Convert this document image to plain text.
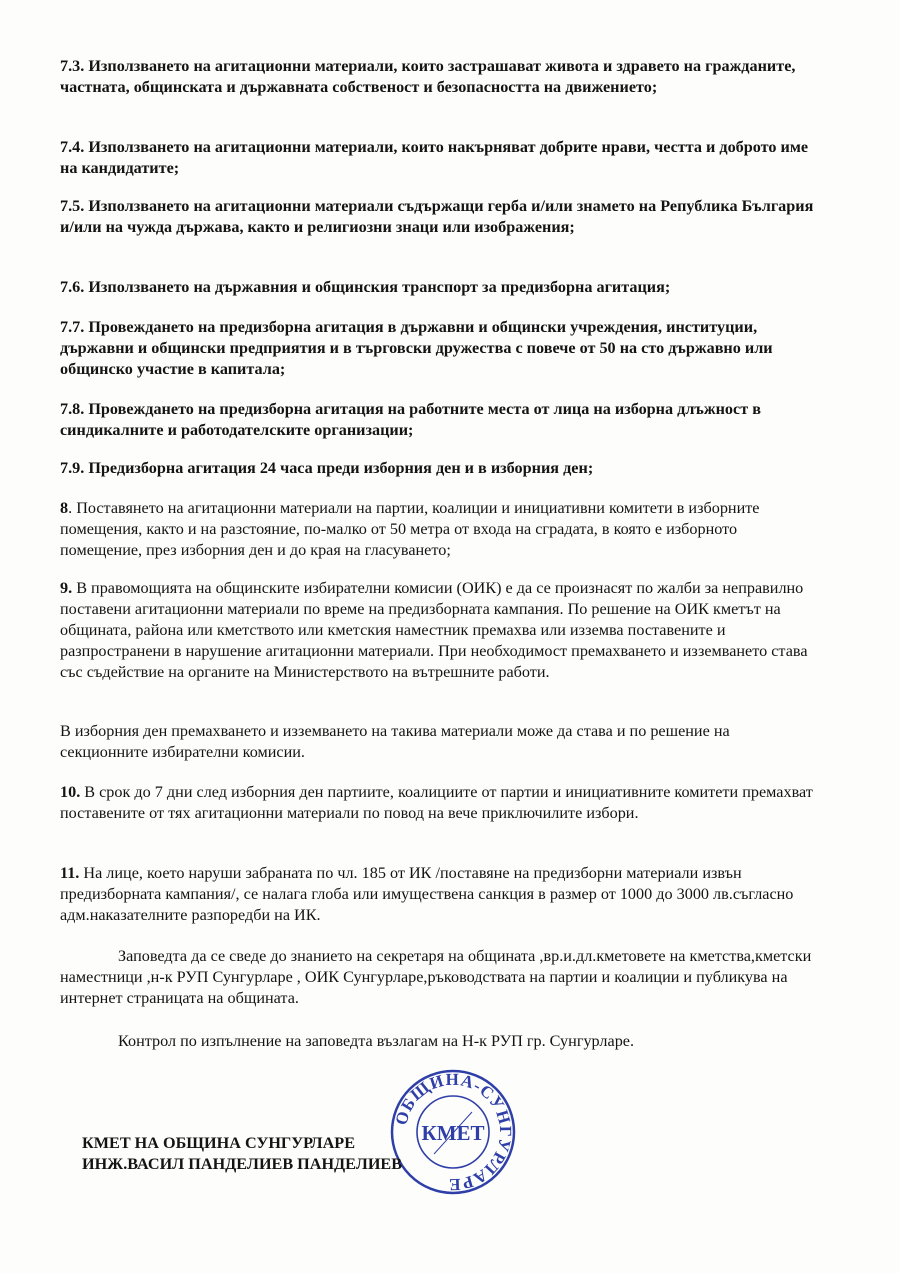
7.3. Използването на агитационни материали, които застрашават живота и здравето на гражданите, частната, общинската и държавната собственост и безопасността на движението;

7.4. Използването на агитационни материали, които накърняват добрите нрави, честта и доброто име на кандидатите;

7.5. Използването на агитационни материали съдържащи герба и/или знамето на Република България и/или на чужда държава, както и религиозни знаци или изображения;

7.6. Използването на държавния и общинския транспорт за предизборна агитация;

7.7. Провеждането на предизборна агитация в държавни и общински учреждения, институции, държавни и общински предприятия и в търговски дружества с повече от 50 на сто държавно или общинско участие в капитала;

7.8. Провеждането на предизборна агитация на работните места от лица на изборна длъжност в синдикалните и работодателските организации;

7.9. Предизборна агитация 24 часа преди изборния ден и в изборния ден;

8. Поставянето на агитационни материали на партии, коалиции и инициативни комитети в изборните помещения, както и на разстояние, по-малко от 50 метра от входа на сградата, в която е изборното помещение, през изборния ден и до края на гласуването;

9. В правомощията на общинските избирателни комисии (ОИК) е да се произнасят по жалби за неправилно поставени агитационни материали по време на предизборната кампания. По решение на ОИК кметът на общината, района или кметството или кметския наместник премахва или изземва поставените и разпространени в нарушение агитационни материали. При необходимост премахването и изземването става със съдействие на органите на Министерството на вътрешните работи.

В изборния ден премахването и изземването на такива материали може да става и по решение на секционните избирателни комисии.

10. В срок до 7 дни след изборния ден партиите, коалициите от партии и инициативните комитети премахват поставените от тях агитационни материали по повод на вече приключилите избори.

11. На лице, което наруши забраната по чл. 185 от ИК /поставяне на предизборни материали извън предизборната кампания/, се налага глоба или имуществена санкция в размер от 1000 до 3000 лв.съгласно адм.наказателните разпоредби на ИК.

Заповедта да се сведе до знанието на секретаря на общината ,вр.и.дл.кметовете на кметства,кметски наместници ,н-к РУП Сунгурларе , ОИК Сунгурларе,ръководствата на партии и коалиции и публикува на интернет страницата на общината.

Контрол по изпълнение на заповедта възлагам на Н-к РУП гр. Сунгурларе.

ОБЩИНА-СУНГУРЛАРЕ
КМЕТ
КМЕТ НА ОБЩИНА СУНГУРЛАРЕ
ИНЖ.ВАСИЛ ПАНДЕЛИЕВ ПАНДЕЛИЕВ
